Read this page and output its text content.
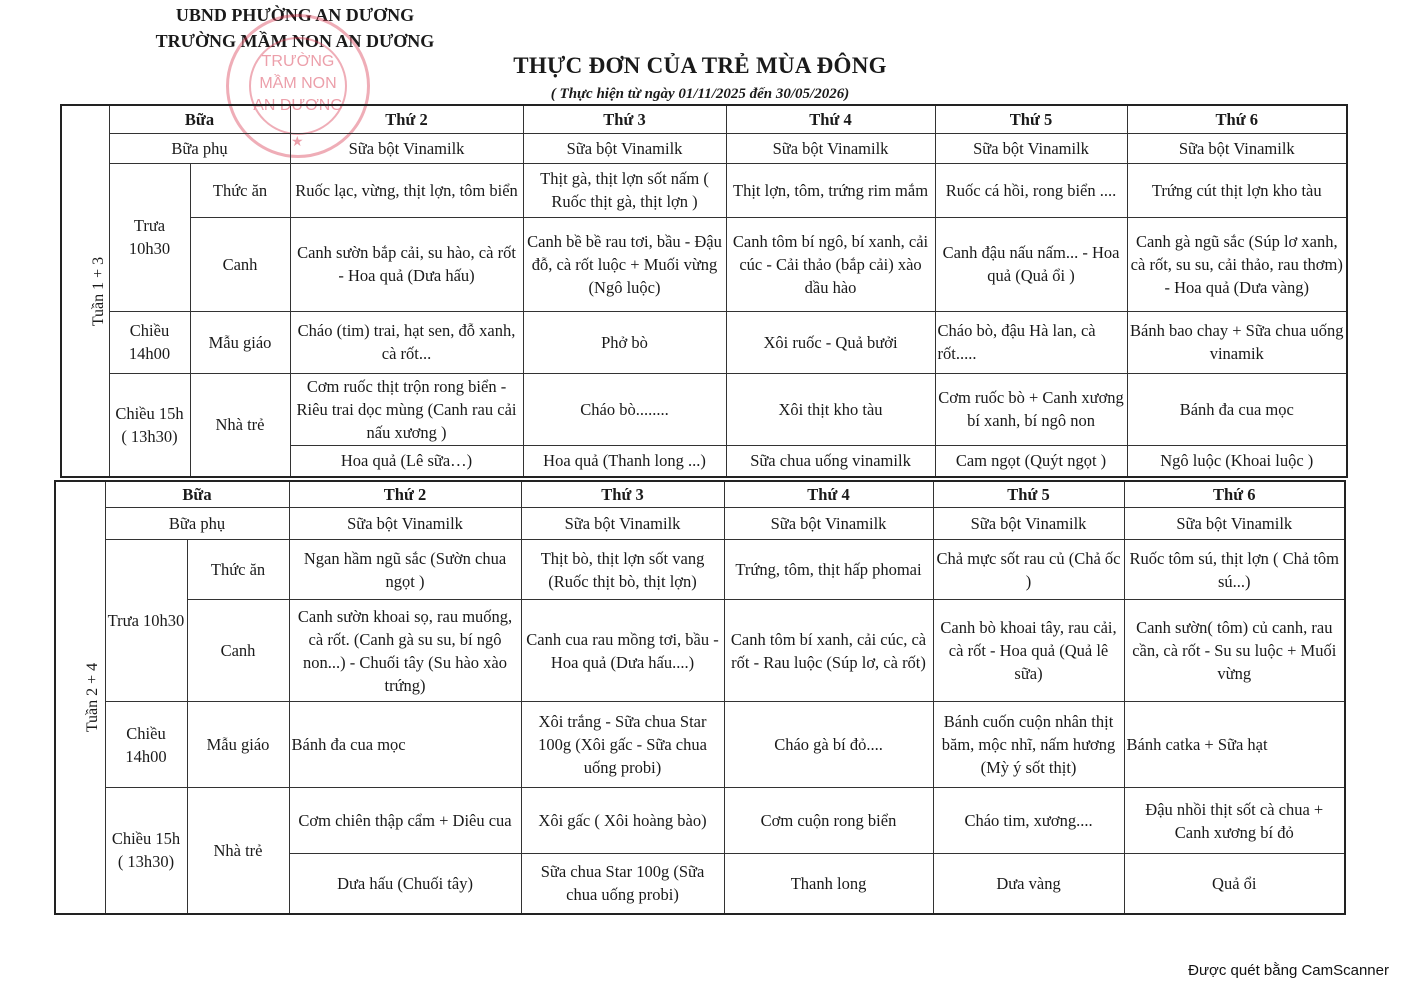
UBND PHƯỜNG AN DƯƠNG
TRƯỜNG MẦM NON AN DƯƠNG
TRƯỜNG
MẦM NON
AN DƯƠNG
★
THỰC ĐƠN CỦA TRẺ MÙA ĐÔNG
( Thực hiện từ ngày 01/11/2025 đến 30/05/2026)
Tuần 1 + 3	Bữa		Thứ 2	Thứ 3	Thứ 4	Thứ 5	Thứ 6
	Bữa phụ		Sữa bột Vinamilk	Sữa bột Vinamilk	Sữa bột Vinamilk	Sữa bột Vinamilk	Sữa bột Vinamilk
	Trưa 10h30	Thức ăn	Ruốc lạc, vừng, thịt lợn, tôm biển	Thịt gà, thịt lợn sốt nấm ( Ruốc thịt gà, thịt lợn )	Thịt lợn, tôm, trứng rim mắm	Ruốc cá hồi, rong biển ....	Trứng cút thịt lợn kho tàu
		Canh	Canh sườn bắp cải, su hào, cà rốt - Hoa quả (Dưa hấu)	Canh bề bề rau tơi, bầu - Đậu đỗ, cà rốt luộc + Muối vừng (Ngô luộc)	Canh tôm bí ngô, bí xanh, cải cúc - Cải thảo (bắp cải) xào dầu hào	Canh đậu nấu nấm... - Hoa quả (Quả ổi )	Canh gà ngũ sắc (Súp lơ xanh, cà rốt, su su, cải thảo, rau thơm) - Hoa quả (Dưa vàng)
	Chiều 14h00	Mẫu giáo	Cháo (tim) trai, hạt sen, đỗ xanh, cà rốt...	Phở bò	Xôi ruốc - Quả bưởi	Cháo bò, đậu Hà lan, cà rốt.....	Bánh bao chay + Sữa chua uống vinamik
	Chiều 15h ( 13h30)	Nhà trẻ	Cơm ruốc thịt trộn rong biển - Riêu trai dọc mùng (Canh rau cải nấu xương )	Cháo bò........	Xôi thịt kho tàu	Cơm ruốc bò + Canh xương bí xanh, bí ngô non	Bánh đa cua mọc
			Hoa quả (Lê sữa…)	Hoa quả (Thanh long ...)	Sữa chua uống vinamilk	Cam ngọt (Quýt ngọt )	Ngô luộc (Khoai luộc )
Tuần 2 + 4	Bữa		Thứ 2	Thứ 3	Thứ 4	Thứ 5	Thứ 6
	Bữa phụ		Sữa bột Vinamilk	Sữa bột Vinamilk	Sữa bột Vinamilk	Sữa bột Vinamilk	Sữa bột Vinamilk
	Trưa 10h30	Thức ăn	Ngan hầm ngũ sắc (Sườn chua ngọt )	Thịt bò, thịt lợn sốt vang (Ruốc thịt bò, thịt lợn)	Trứng, tôm, thịt hấp phomai	Chả mực sốt rau củ (Chả ốc )	Ruốc tôm sú, thịt lợn ( Chả tôm sú...)
		Canh	Canh sườn khoai sọ, rau muống, cà rốt. (Canh gà su su, bí ngô non...) - Chuối tây (Su hào xào trứng)	Canh cua rau mồng tơi, bầu - Hoa quả (Dưa hấu....)	Canh tôm bí xanh, cải cúc, cà rốt - Rau luộc (Súp lơ, cà rốt)	Canh bò khoai tây, rau cải, cà rốt - Hoa quả (Quả lê sữa)	Canh sườn( tôm) củ canh, rau cần, cà rốt - Su su luộc + Muối vừng
	Chiều 14h00	Mẫu giáo	Bánh đa cua mọc	Xôi trắng - Sữa chua Star 100g (Xôi gấc - Sữa chua uống probi)	Cháo gà bí đỏ....	Bánh cuốn cuộn nhân thịt băm, mộc nhĩ, nấm hương (Mỳ ý sốt thịt)	Bánh catka + Sữa hạt
	Chiều 15h ( 13h30)	Nhà trẻ	Cơm chiên thập cẩm + Diêu cua	Xôi gấc ( Xôi hoàng bào)	Cơm cuộn rong biển	Cháo tim, xương....	Đậu nhồi thịt sốt cà chua + Canh xương bí đỏ
			Dưa hấu (Chuối tây)	Sữa chua Star 100g (Sữa chua uống probi)	Thanh long	Dưa vàng	Quả ổi
Được quét bằng CamScanner
